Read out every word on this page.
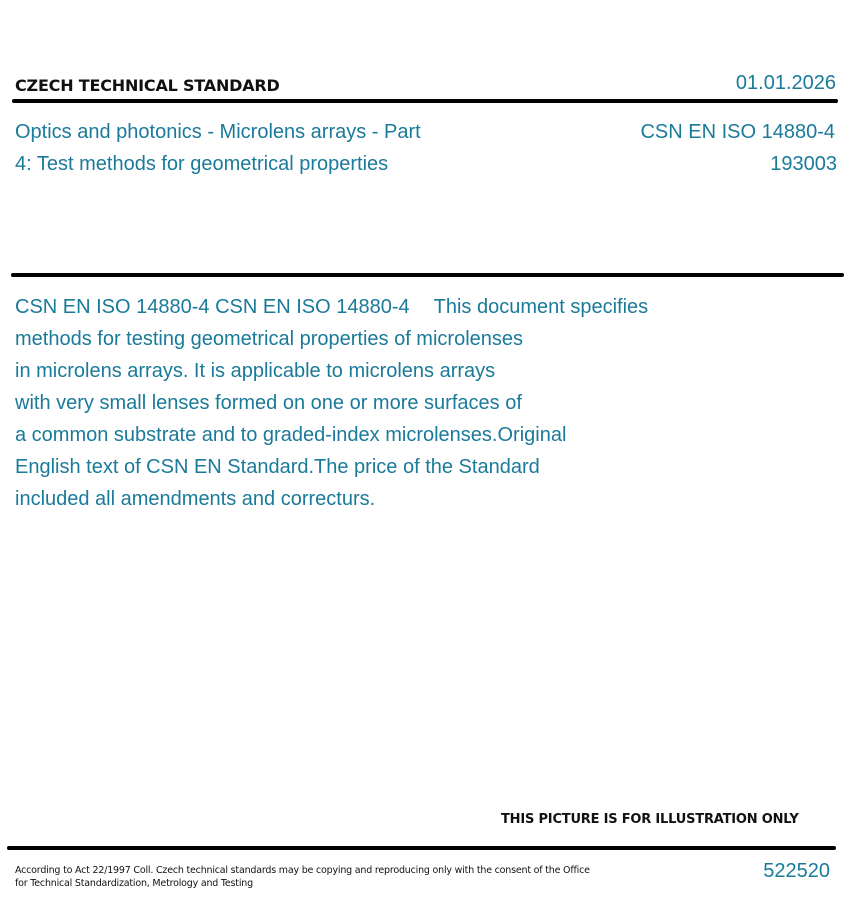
CZECH TECHNICAL STANDARD	01.01.2026
Optics and photonics - Microlens arrays - Part
4: Test methods for geometrical properties
CSN EN ISO 14880-4
193003
CSN EN ISO 14880-4 CSN EN ISO 14880-4 This document specifies
methods for testing geometrical properties of microlenses
in microlens arrays. It is applicable to microlens arrays
with very small lenses formed on one or more surfaces of
a common substrate and to graded-index microlenses.Original
English text of CSN EN Standard.The price of the Standard
included all amendments and correcturs.
THIS PICTURE IS FOR ILLUSTRATION ONLY
According to Act 22/1997 Coll. Czech technical standards may be copying and reproducing only with the consent of the Office
for Technical Standardization, Metrology and Testing
522520
